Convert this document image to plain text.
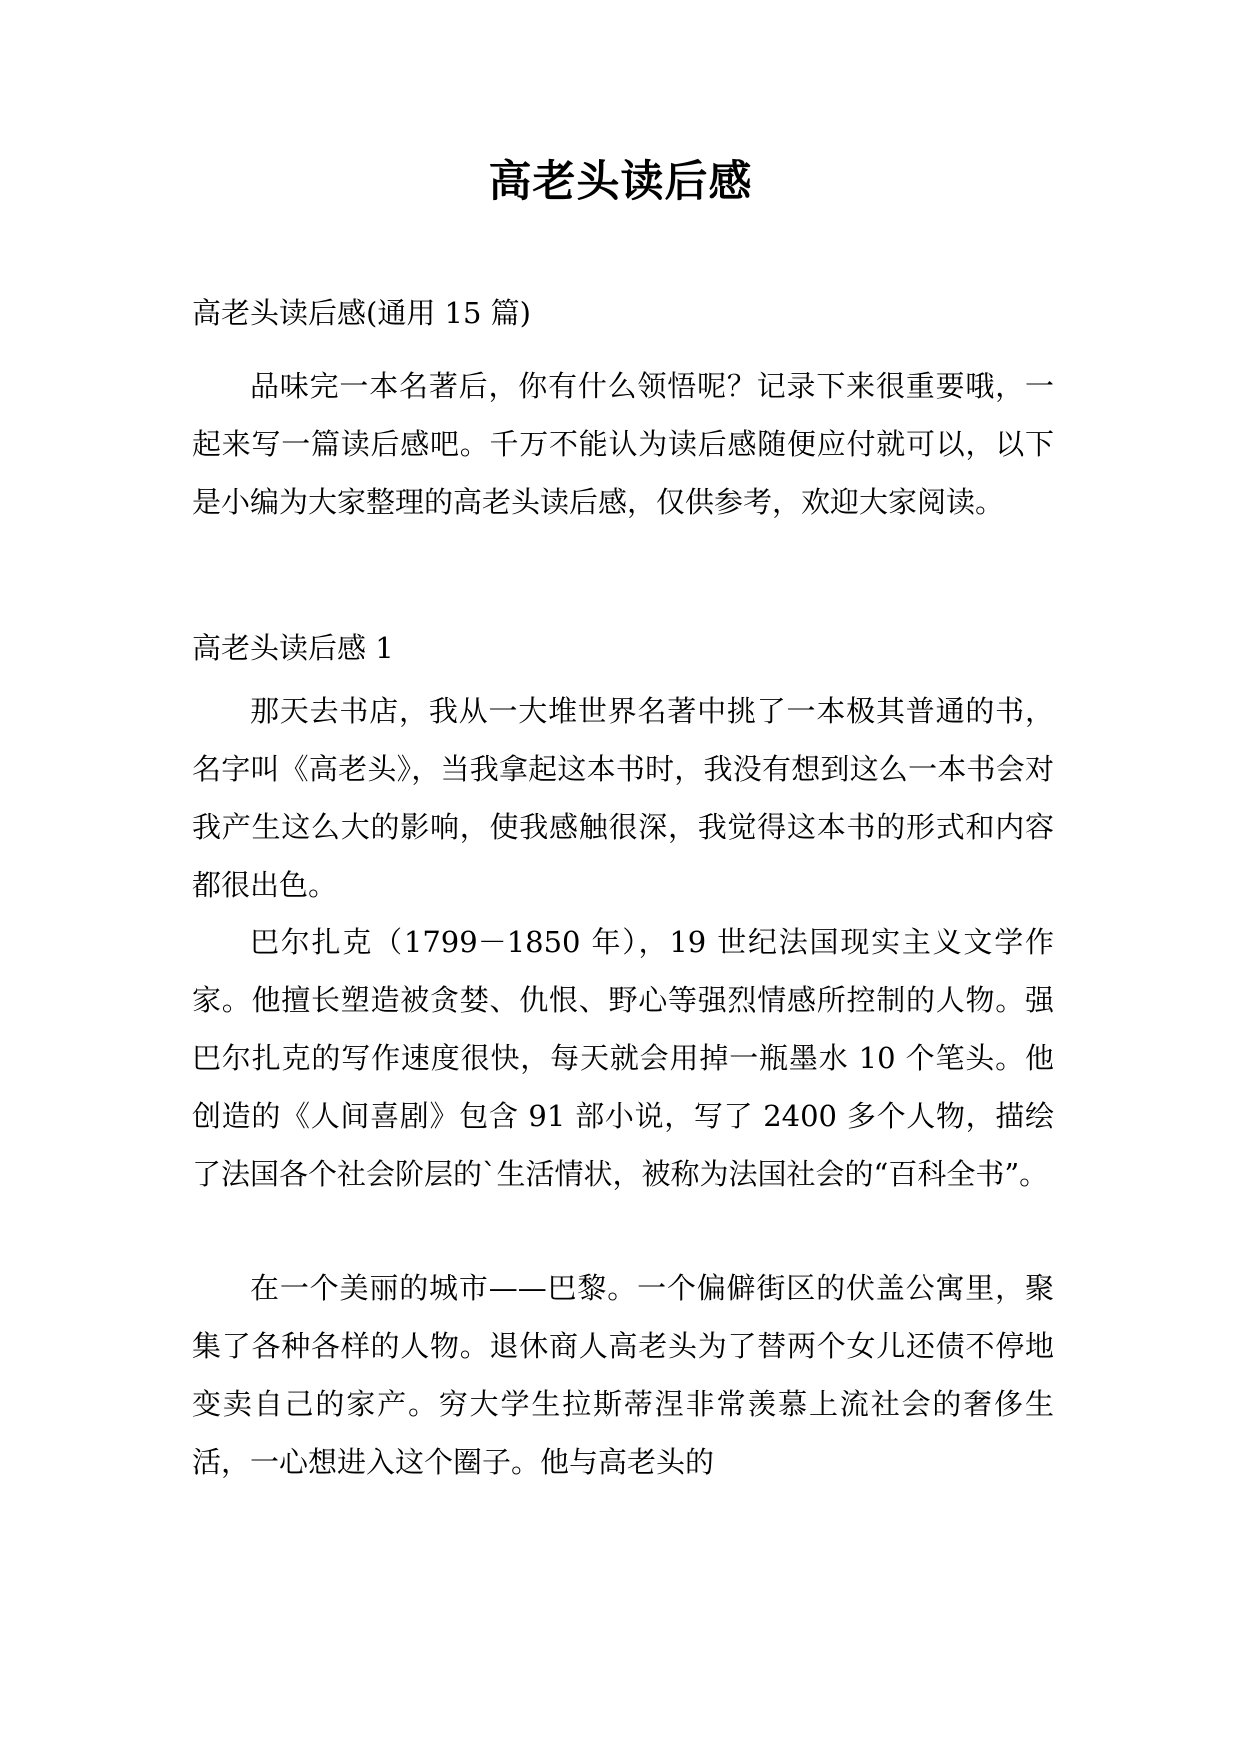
高老头读后感
高老头读后感(通用 15 篇)

品味完一本名著后，你有什么领悟呢？记录下来很重要哦，一起来写一篇读后感吧。千万不能认为读后感随便应付就可以，以下是小编为大家整理的高老头读后感，仅供参考，欢迎大家阅读。

高老头读后感 1

那天去书店，我从一大堆世界名著中挑了一本极其普通的书，名字叫《高老头》，当我拿起这本书时，我没有想到这么一本书会对我产生这么大的影响，使我感触很深，我觉得这本书的形式和内容都很出色。

巴尔扎克（1799－1850 年），19 世纪法国现实主义文学作家。他擅长塑造被贪婪、仇恨、野心等强烈情感所控制的人物。强巴尔扎克的写作速度很快，每天就会用掉一瓶墨水 10 个笔头。他创造的《人间喜剧》包含 91 部小说，写了 2400 多个人物，描绘了法国各个社会阶层的`生活情状，被称为法国社会的“百科全书”。

在一个美丽的城市——巴黎。一个偏僻街区的伏盖公寓里，聚集了各种各样的人物。退休商人高老头为了替两个女儿还债不停地变卖自己的家产。穷大学生拉斯蒂涅非常羡慕上流社会的奢侈生活，一心想进入这个圈子。他与高老头的
